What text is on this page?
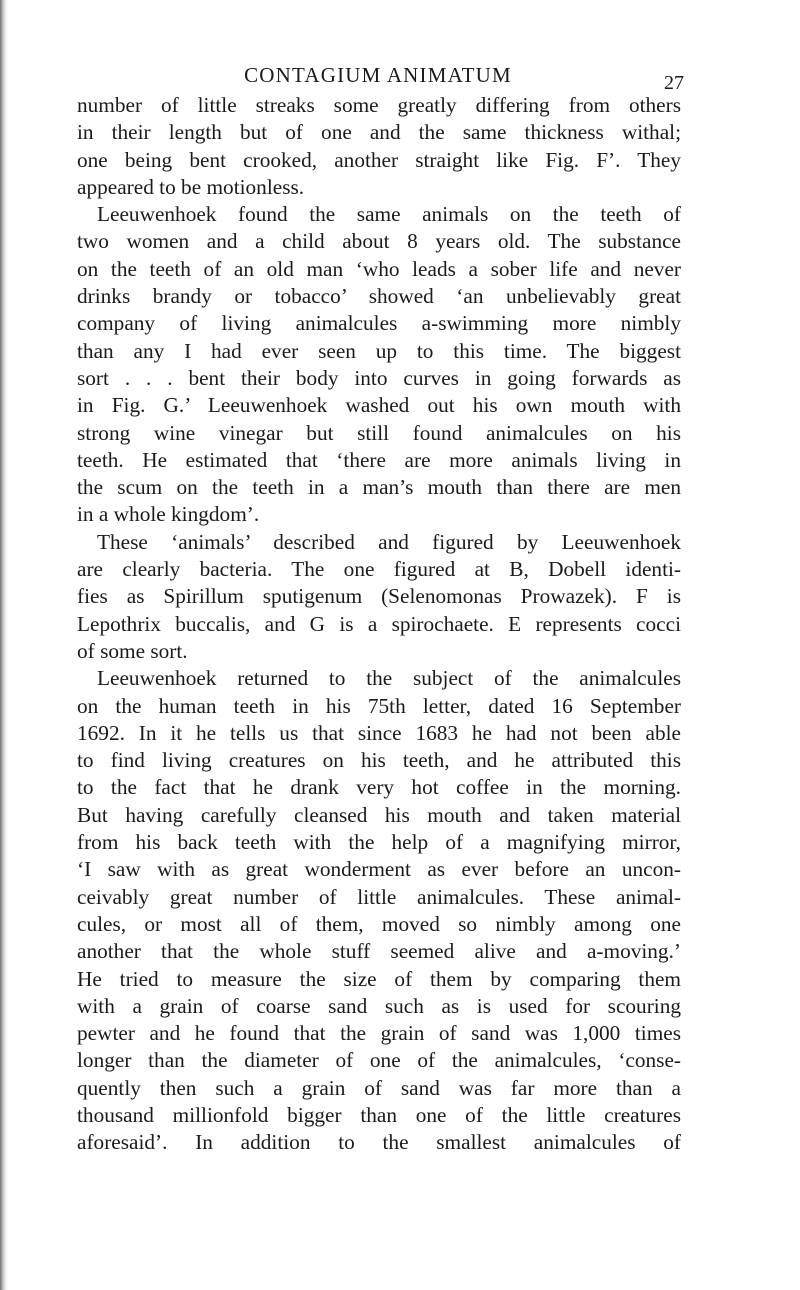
CONTAGIUM ANIMATUM	27
number of little streaks some greatly differing from others
in their length but of one and the same thickness withal;
one being bent crooked, another straight like Fig. F’. They
appeared to be motionless.
Leeuwenhoek found the same animals on the teeth of
two women and a child about 8 years old. The substance
on the teeth of an old man ‘who leads a sober life and never
drinks brandy or tobacco’ showed ‘an unbelievably great
company of living animalcules a-swimming more nimbly
than any I had ever seen up to this time. The biggest
sort . . . bent their body into curves in going forwards as
in Fig. G.’ Leeuwenhoek washed out his own mouth with
strong wine vinegar but still found animalcules on his
teeth. He estimated that ‘there are more animals living in
the scum on the teeth in a man’s mouth than there are men
in a whole kingdom’.
These ‘animals’ described and figured by Leeuwenhoek
are clearly bacteria. The one figured at B, Dobell identi-
fies as Spirillum sputigenum (Selenomonas Prowazek). F is
Lepothrix buccalis, and G is a spirochaete. E represents cocci
of some sort.
Leeuwenhoek returned to the subject of the animalcules
on the human teeth in his 75th letter, dated 16 September
1692. In it he tells us that since 1683 he had not been able
to find living creatures on his teeth, and he attributed this
to the fact that he drank very hot coffee in the morning.
But having carefully cleansed his mouth and taken material
from his back teeth with the help of a magnifying mirror,
‘I saw with as great wonderment as ever before an uncon-
ceivably great number of little animalcules. These animal-
cules, or most all of them, moved so nimbly among one
another that the whole stuff seemed alive and a-moving.’
He tried to measure the size of them by comparing them
with a grain of coarse sand such as is used for scouring
pewter and he found that the grain of sand was 1,000 times
longer than the diameter of one of the animalcules, ‘conse-
quently then such a grain of sand was far more than a
thousand millionfold bigger than one of the little creatures
aforesaid’. In addition to the smallest animalcules of
